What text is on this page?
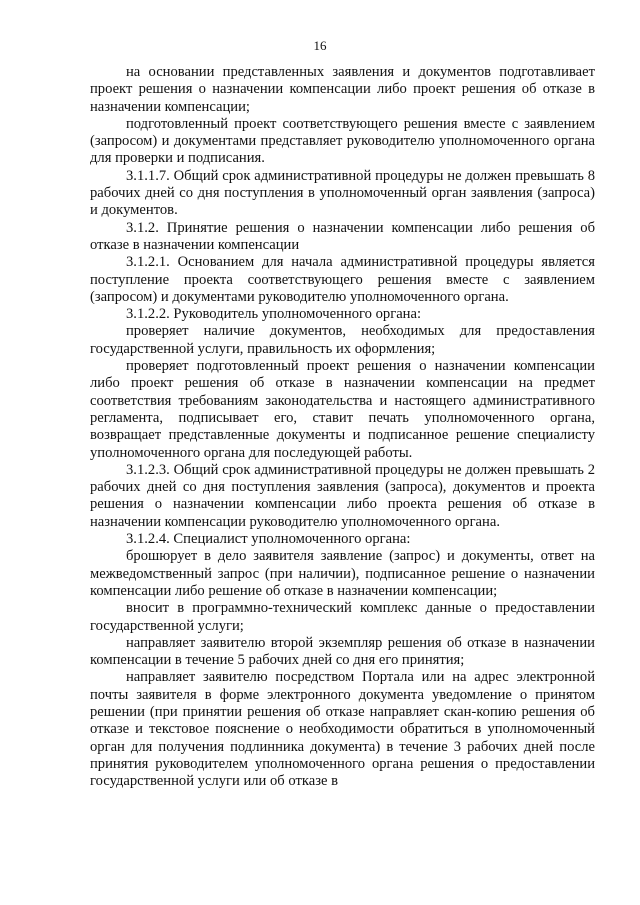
16

на основании представленных заявления и документов подготавливает проект решения о назначении компенсации либо проект решения об отказе в назначении компенсации;

подготовленный проект соответствующего решения вместе с заявлением (запросом) и документами представляет руководителю уполномоченного органа для проверки и подписания.

3.1.1.7. Общий срок административной процедуры не должен превышать 8 рабочих дней со дня поступления в уполномоченный орган заявления (запроса) и документов.

3.1.2. Принятие решения о назначении компенсации либо решения об отказе в назначении компенсации

3.1.2.1. Основанием для начала административной процедуры является поступление проекта соответствующего решения вместе с заявлением (запросом) и документами руководителю уполномоченного органа.

3.1.2.2. Руководитель уполномоченного органа:

проверяет наличие документов, необходимых для предоставления государственной услуги, правильность их оформления;

проверяет подготовленный проект решения о назначении компенсации либо проект решения об отказе в назначении компенсации на предмет соответствия требованиям законодательства и настоящего административного регламента, подписывает его, ставит печать уполномоченного органа, возвращает представленные документы и подписанное решение специалисту уполномоченного органа для последующей работы.

3.1.2.3. Общий срок административной процедуры не должен превышать 2 рабочих дней со дня поступления заявления (запроса), документов и проекта решения о назначении компенсации либо проекта решения об отказе в назначении компенсации руководителю уполномоченного органа.

3.1.2.4. Специалист уполномоченного органа:

брошюрует в дело заявителя заявление (запрос) и документы, ответ на межведомственный запрос (при наличии), подписанное решение о назначении компенсации либо решение об отказе в назначении компенсации;

вносит в программно-технический комплекс данные о предоставлении государственной услуги;

направляет заявителю второй экземпляр решения об отказе в назначении компенсации в течение 5 рабочих дней со дня его принятия;

направляет заявителю посредством Портала или на адрес электронной почты заявителя в форме электронного документа уведомление о принятом решении (при принятии решения об отказе направляет скан-копию решения об отказе и текстовое пояснение о необходимости обратиться в уполномоченный орган для получения подлинника документа) в течение 3 рабочих дней после принятия руководителем уполномоченного органа решения о предоставлении государственной услуги или об отказе в
